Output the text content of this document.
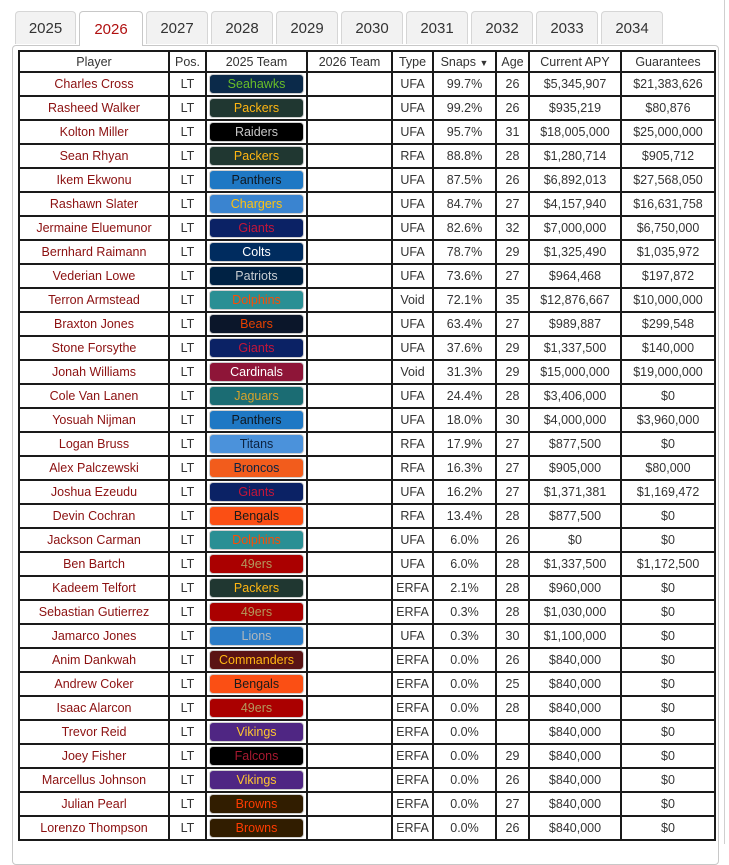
2025	2026	2027	2028	2029	2030	2031	2032	2033	2034
Player	Pos.	2025 Team	2026 Team	Type	Snaps ▼	Age	Current APY	Guarantees
Charles Cross	LT	Seahawks		UFA	99.7%	26	$5,345,907	$21,383,626
Rasheed Walker	LT	Packers		UFA	99.2%	26	$935,219	$80,876
Kolton Miller	LT	Raiders		UFA	95.7%	31	$18,005,000	$25,000,000
Sean Rhyan	LT	Packers		RFA	88.8%	28	$1,280,714	$905,712
Ikem Ekwonu	LT	Panthers		UFA	87.5%	26	$6,892,013	$27,568,050
Rashawn Slater	LT	Chargers		UFA	84.7%	27	$4,157,940	$16,631,758
Jermaine Eluemunor	LT	Giants		UFA	82.6%	32	$7,000,000	$6,750,000
Bernhard Raimann	LT	Colts		UFA	78.7%	29	$1,325,490	$1,035,972
Vederian Lowe	LT	Patriots		UFA	73.6%	27	$964,468	$197,872
Terron Armstead	LT	Dolphins		Void	72.1%	35	$12,876,667	$10,000,000
Braxton Jones	LT	Bears		UFA	63.4%	27	$989,887	$299,548
Stone Forsythe	LT	Giants		UFA	37.6%	29	$1,337,500	$140,000
Jonah Williams	LT	Cardinals		Void	31.3%	29	$15,000,000	$19,000,000
Cole Van Lanen	LT	Jaguars		UFA	24.4%	28	$3,406,000	$0
Yosuah Nijman	LT	Panthers		UFA	18.0%	30	$4,000,000	$3,960,000
Logan Bruss	LT	Titans		RFA	17.9%	27	$877,500	$0
Alex Palczewski	LT	Broncos		RFA	16.3%	27	$905,000	$80,000
Joshua Ezeudu	LT	Giants		UFA	16.2%	27	$1,371,381	$1,169,472
Devin Cochran	LT	Bengals		RFA	13.4%	28	$877,500	$0
Jackson Carman	LT	Dolphins		UFA	6.0%	26	$0	$0
Ben Bartch	LT	49ers		UFA	6.0%	28	$1,337,500	$1,172,500
Kadeem Telfort	LT	Packers		ERFA	2.1%	28	$960,000	$0
Sebastian Gutierrez	LT	49ers		ERFA	0.3%	28	$1,030,000	$0
Jamarco Jones	LT	Lions		UFA	0.3%	30	$1,100,000	$0
Anim Dankwah	LT	Commanders		ERFA	0.0%	26	$840,000	$0
Andrew Coker	LT	Bengals		ERFA	0.0%	25	$840,000	$0
Isaac Alarcon	LT	49ers		ERFA	0.0%	28	$840,000	$0
Trevor Reid	LT	Vikings		ERFA	0.0%		$840,000	$0
Joey Fisher	LT	Falcons		ERFA	0.0%	29	$840,000	$0
Marcellus Johnson	LT	Vikings		ERFA	0.0%	26	$840,000	$0
Julian Pearl	LT	Browns		ERFA	0.0%	27	$840,000	$0
Lorenzo Thompson	LT	Browns		ERFA	0.0%	26	$840,000	$0
